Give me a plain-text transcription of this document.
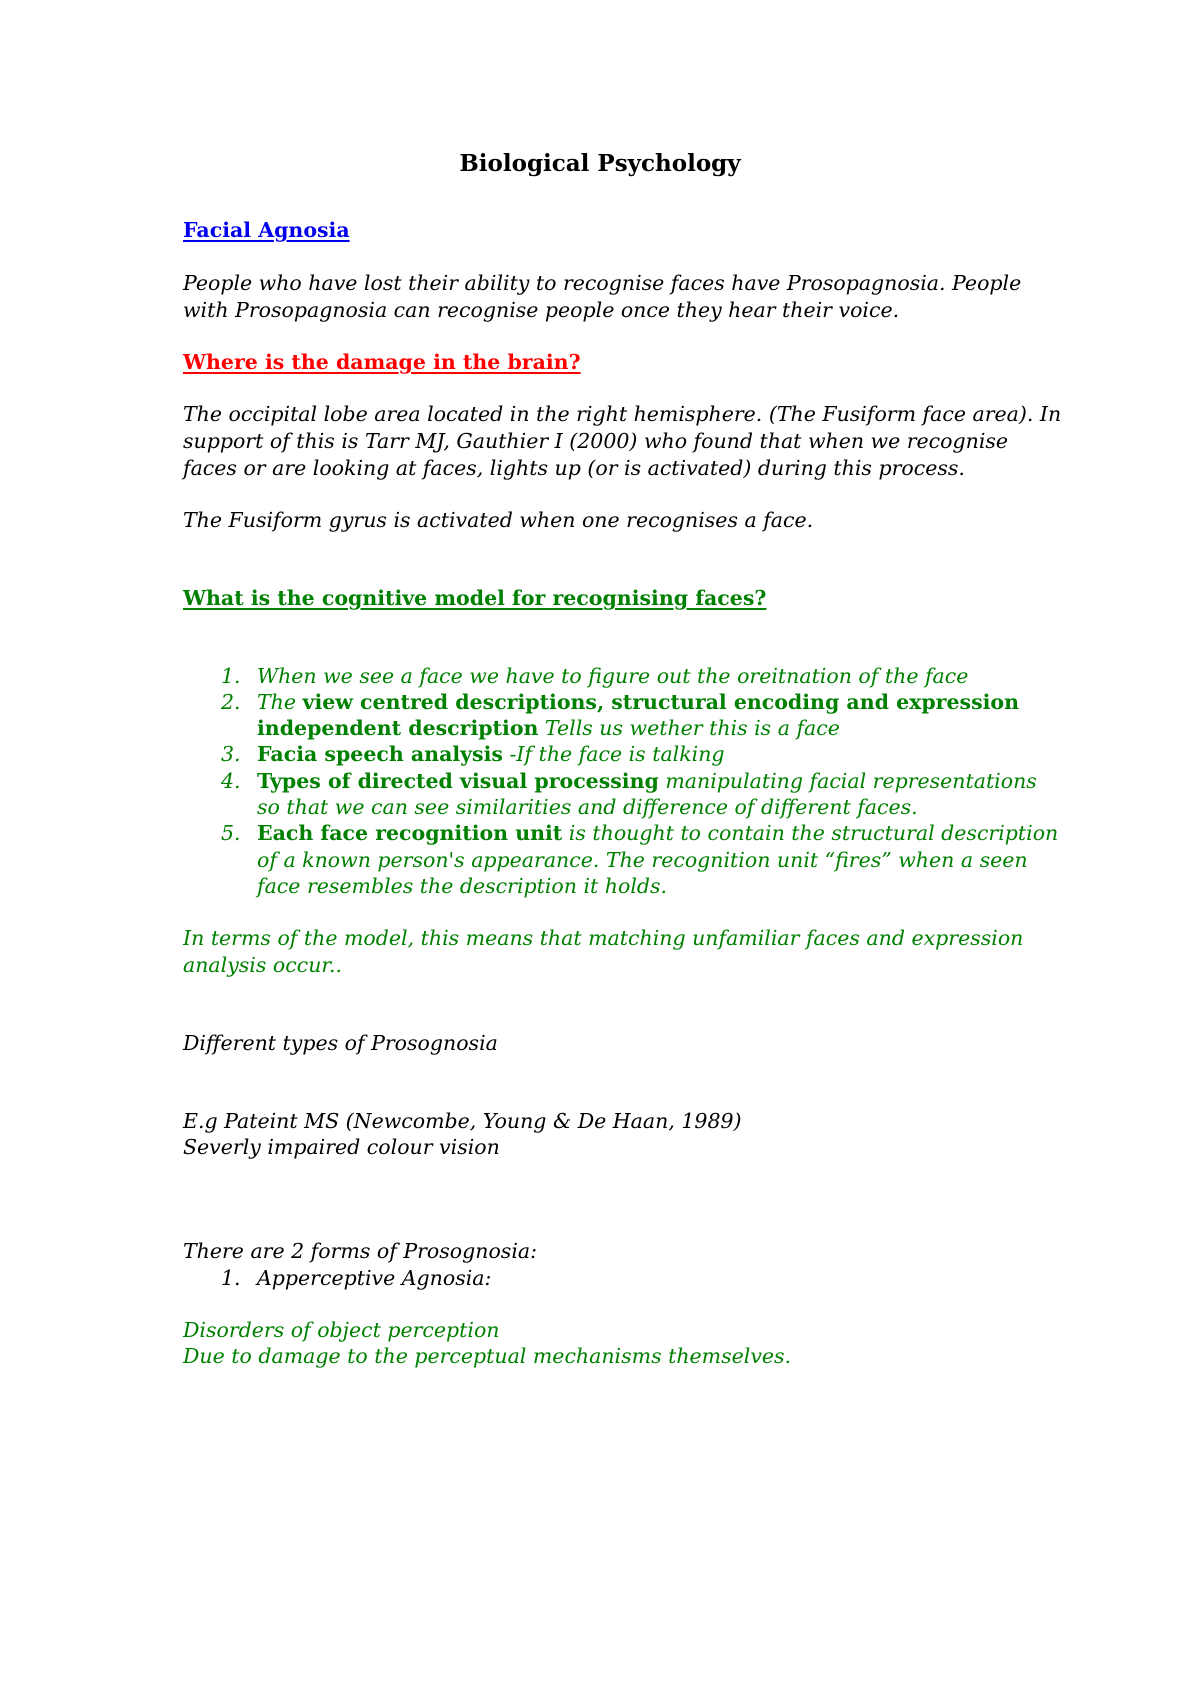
Biological Psychology
Facial Agnosia
People who have lost their ability to recognise faces have Prosopagnosia. People
with Prosopagnosia can recognise people once they hear their voice.
Where is the damage in the brain?
The occipital lobe area located in the right hemisphere. (The Fusiform face area). In
support of this is Tarr MJ, Gauthier I (2000) who found that when we recognise
faces or are looking at faces, lights up (or is activated) during this process.
The Fusiform gyrus is activated when one recognises a face.
What is the cognitive model for recognising faces?
1. When we see a face we have to figure out the oreitnation of the face
2. The view centred descriptions, structural encoding and expression
independent description Tells us wether this is a face
3. Facia speech analysis -If the face is talking
4. Types of directed visual processing manipulating facial representations
so that we can see similarities and difference of different faces.
5. Each face recognition unit is thought to contain the structural description
of a known person's appearance. The recognition unit “fires” when a seen
face resembles the description it holds.
In terms of the model, this means that matching unfamiliar faces and expression
analysis occur..
Different types of Prosognosia
E.g Pateint MS (Newcombe, Young & De Haan, 1989)
Severly impaired colour vision
There are 2 forms of Prosognosia:
1. Apperceptive Agnosia:
Disorders of object perception
Due to damage to the perceptual mechanisms themselves.
